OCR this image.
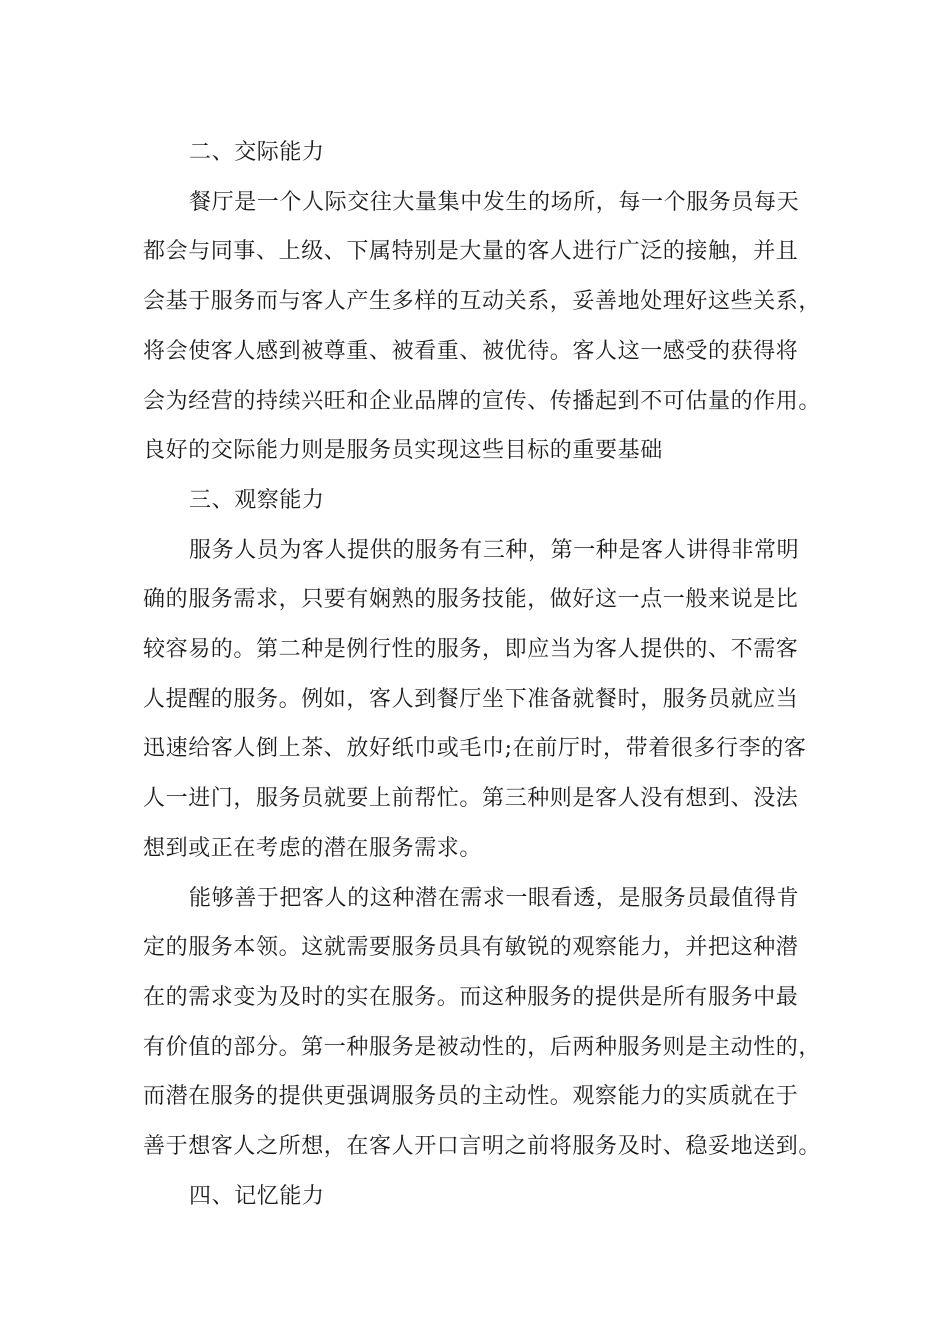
二、交际能力

餐厅是一个人际交往大量集中发生的场所，每一个服务员每天
都会与同事、上级、下属特别是大量的客人进行广泛的接触，并且
会基于服务而与客人产生多样的互动关系，妥善地处理好这些关系，
将会使客人感到被尊重、被看重、被优待。客人这一感受的获得将
会为经营的持续兴旺和企业品牌的宣传、传播起到不可估量的作用。
良好的交际能力则是服务员实现这些目标的重要基础

三、观察能力

服务人员为客人提供的服务有三种，第一种是客人讲得非常明
确的服务需求，只要有娴熟的服务技能，做好这一点一般来说是比
较容易的。第二种是例行性的服务，即应当为客人提供的、不需客
人提醒的服务。例如，客人到餐厅坐下准备就餐时，服务员就应当
迅速给客人倒上茶、放好纸巾或毛巾;在前厅时，带着很多行李的客
人一进门，服务员就要上前帮忙。第三种则是客人没有想到、没法
想到或正在考虑的潜在服务需求。

能够善于把客人的这种潜在需求一眼看透，是服务员最值得肯
定的服务本领。这就需要服务员具有敏锐的观察能力，并把这种潜
在的需求变为及时的实在服务。而这种服务的提供是所有服务中最
有价值的部分。第一种服务是被动性的，后两种服务则是主动性的，
而潜在服务的提供更强调服务员的主动性。观察能力的实质就在于
善于想客人之所想，在客人开口言明之前将服务及时、稳妥地送到。

四、记忆能力
